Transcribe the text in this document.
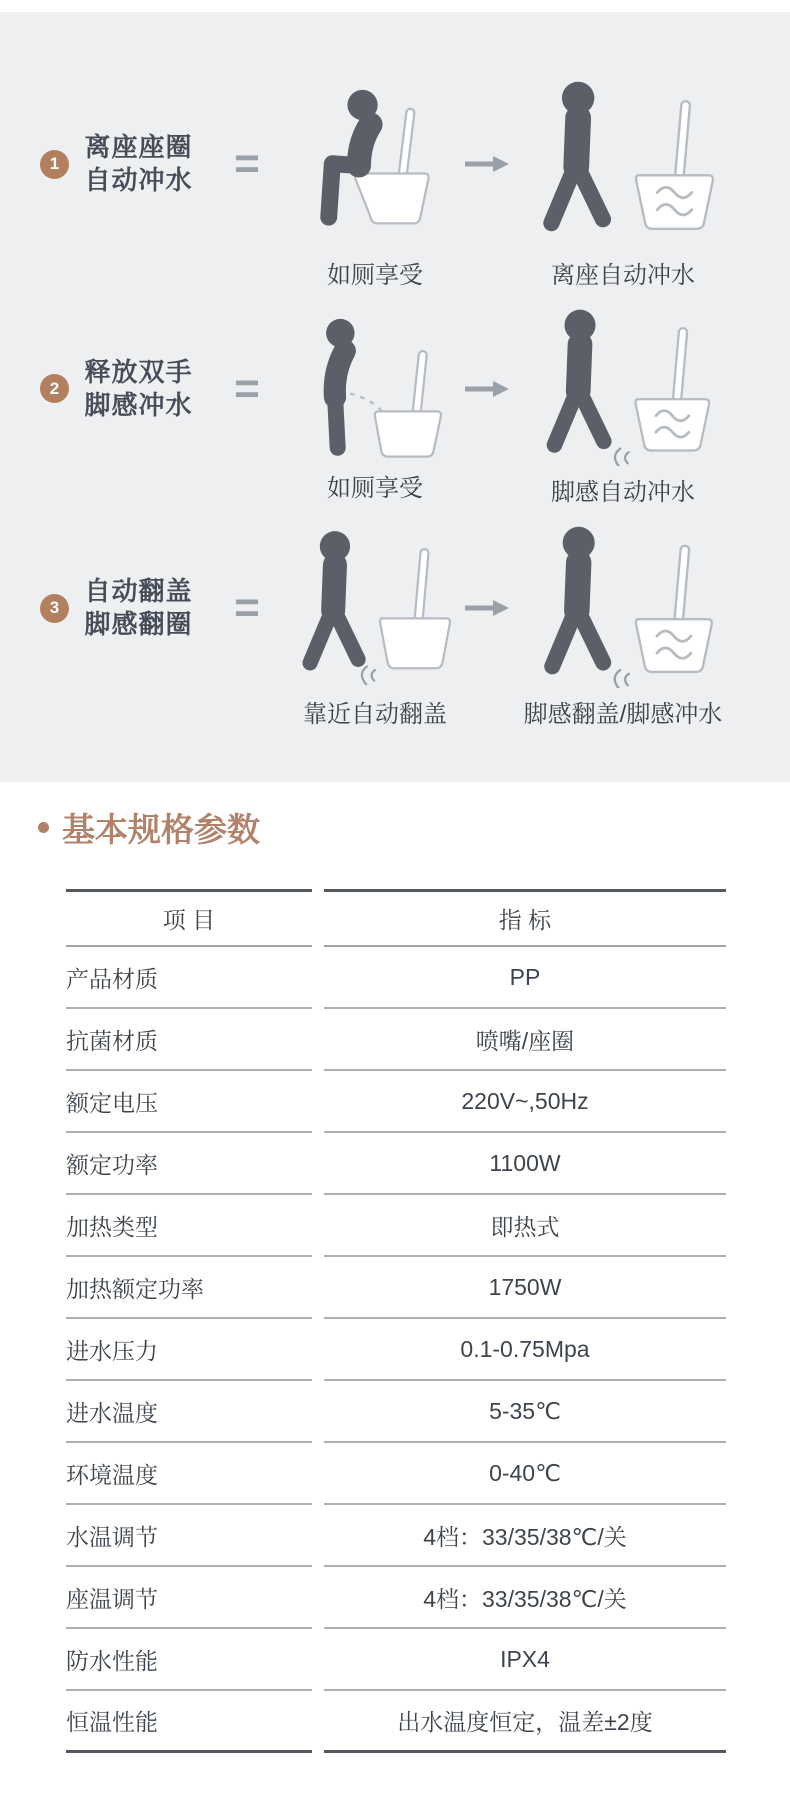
1
离座座圈
自动冲水 =
如厕享受	离座自动冲水
2
释放双手
脚感冲水 =
如厕享受	脚感自动冲水
3
自动翻盖
脚感翻圈 =
靠近自动翻盖	脚感翻盖/脚感冲水
基本规格参数
项 目	指 标
产品材质	PP
抗菌材质	喷嘴/座圈
额定电压	220V~,50Hz
额定功率	1100W
加热类型	即热式
加热额定功率	1750W
进水压力	0.1-0.75Mpa
进水温度	5-35℃
环境温度	0-40℃
水温调节	4档：33/35/38℃/关
座温调节	4档：33/35/38℃/关
防水性能	IPX4
恒温性能	出水温度恒定，温差±2度
